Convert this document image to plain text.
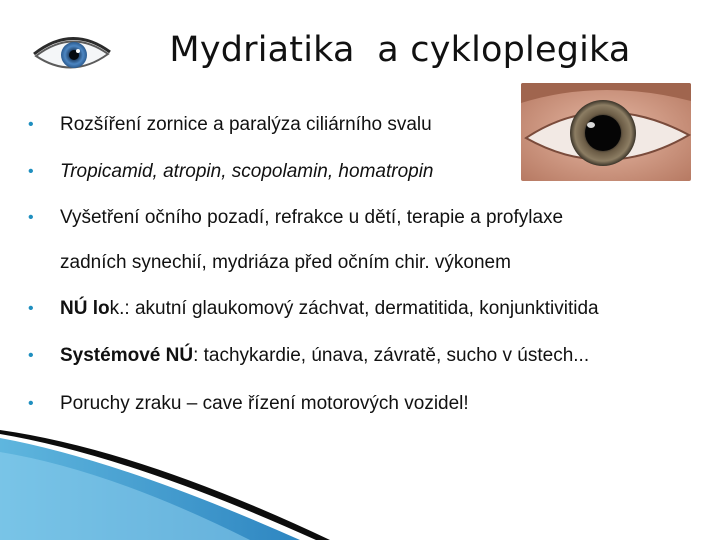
Mydriatika  a cykloplegika
• Rozšíření zornice a paralýza ciliárního svalu
• Tropicamid, atropin, scopolamin, homatropin
• Vyšetření očního pozadí, refrakce u dětí, terapie a profylaxe
zadních synechií, mydriáza před očním chir. výkonem
• NÚ lok.: akutní glaukomový záchvat, dermatitida, konjunktivitida
• Systémové NÚ: tachykardie, únava, závratě, sucho v ústech...
• Poruchy zraku – cave řízení motorových vozidel!
